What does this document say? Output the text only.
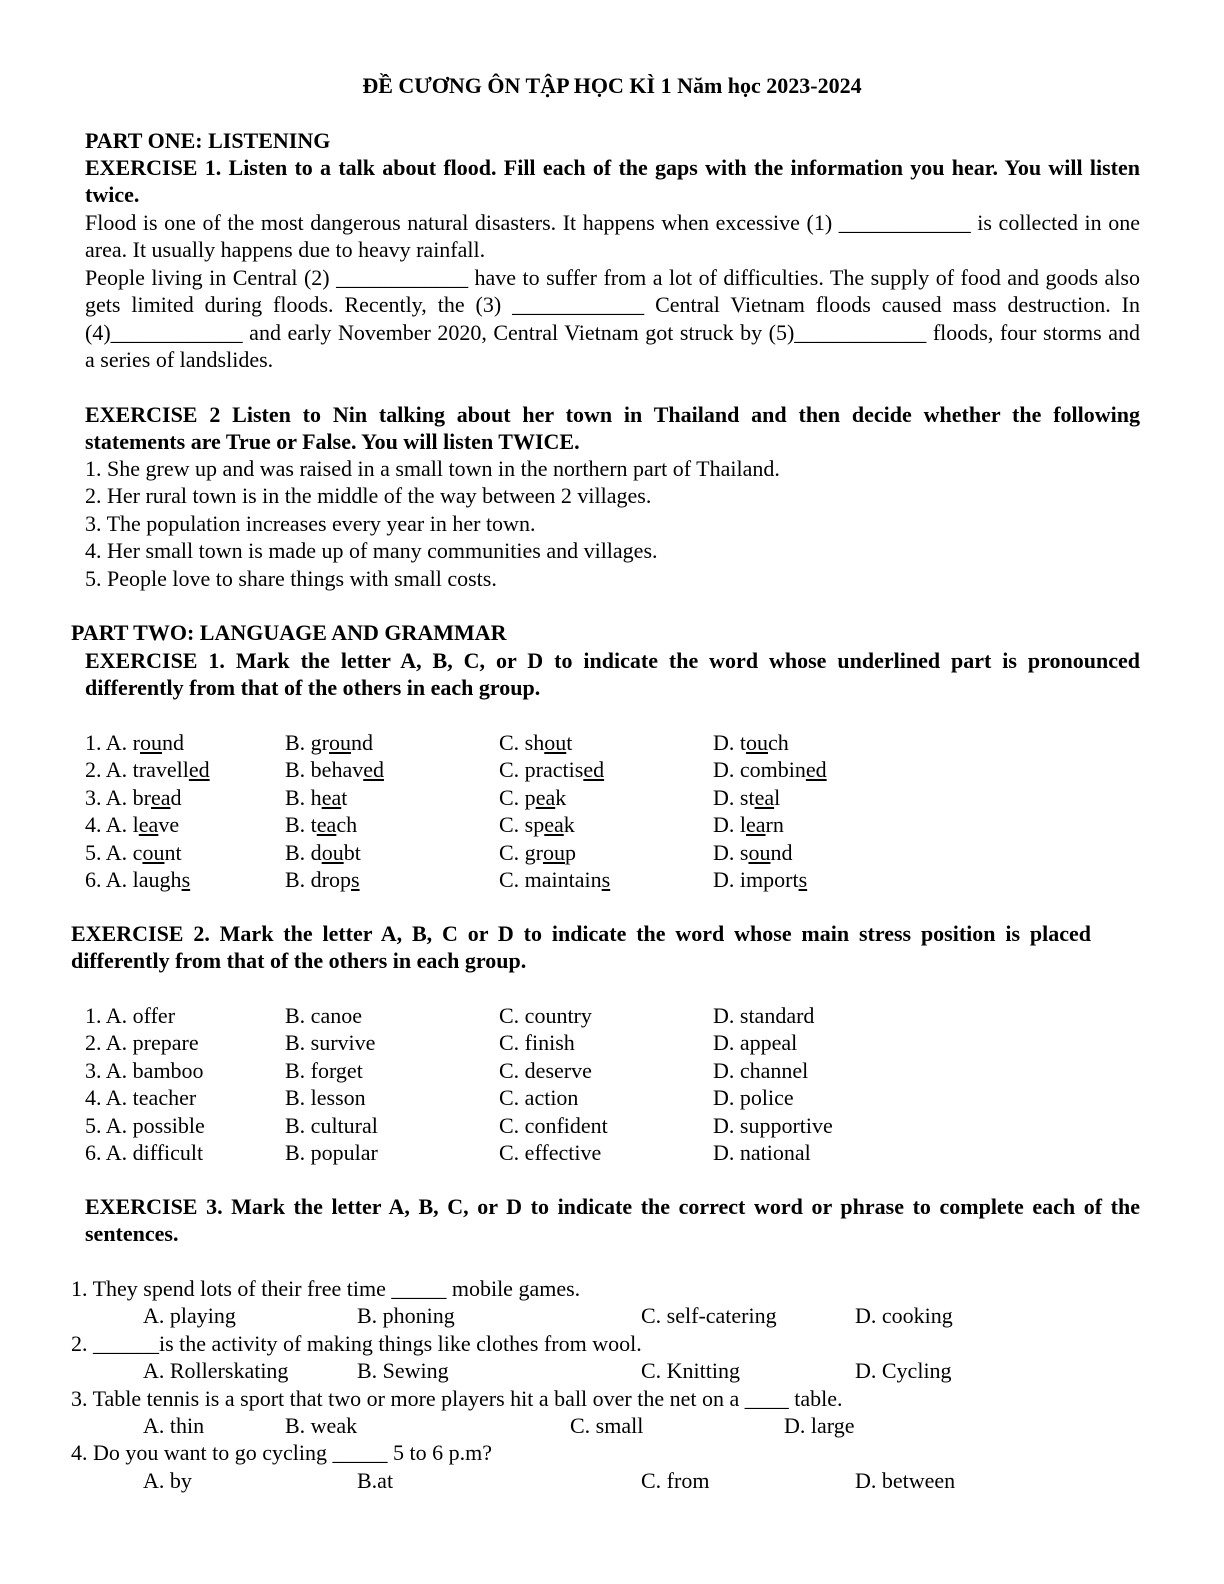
ĐỀ CƯƠNG ÔN TẬP HỌC KÌ 1 Năm học 2023-2024
PART ONE: LISTENING
EXERCISE 1. Listen to a talk about flood. Fill each of the gaps with the information you hear. You will listen twice.
Flood is one of the most dangerous natural disasters. It happens when excessive (1) ____________ is collected in one area. It usually happens due to heavy rainfall.
People living in Central (2) ____________ have to suffer from a lot of difficulties. The supply of food and goods also gets limited during floods. Recently, the (3) ____________ Central Vietnam floods caused mass destruction. In (4)____________ and early November 2020, Central Vietnam got struck by (5)____________ floods, four storms and a series of landslides.
EXERCISE 2 Listen to Nin talking about her town in Thailand and then decide whether the following statements are True or False. You will listen TWICE.
1. She grew up and was raised in a small town in the northern part of Thailand.
2. Her rural town is in the middle of the way between 2 villages.
3. The population increases every year in her town.
4. Her small town is made up of many communities and villages.
5. People love to share things with small costs.
PART TWO: LANGUAGE AND GRAMMAR
EXERCISE 1. Mark the letter A, B, C, or D to indicate the word whose underlined part is pronounced differently from that of the others in each group.
1. A. round	B. ground	C. shout	D. touch
2. A. travelled	B. behaved	C. practised	D. combined
3. A. bread	B. heat	C. peak	D. steal
4. A. leave	B. teach	C. speak	D. learn
5. A. count	B. doubt	C. group	D. sound
6. A. laughs	B. drops	C. maintains	D. imports
EXERCISE 2. Mark the letter A, B, C or D to indicate the word whose main stress position is placed differently from that of the others in each group.
1. A. offer	B. canoe	C. country	D. standard
2. A. prepare	B. survive	C. finish	D. appeal
3. A. bamboo	B. forget	C. deserve	D. channel
4. A. teacher	B. lesson	C. action	D. police
5. A. possible	B. cultural	C. confident	D. supportive
6. A. difficult	B. popular	C. effective	D. national
EXERCISE 3. Mark the letter A, B, C, or D to indicate the correct word or phrase to complete each of the sentences.
1. They spend lots of their free time _____ mobile games.
A. playing	B. phoning	C. self-catering	D. cooking
2. ______is the activity of making things like clothes from wool.
A. Rollerskating	B. Sewing	C. Knitting	D. Cycling
3. Table tennis is a sport that two or more players hit a ball over the net on a ____ table.
A. thin	B. weak	C. small	D. large
4. Do you want to go cycling _____ 5 to 6 p.m?
A. by	B.at	C. from	D. between
